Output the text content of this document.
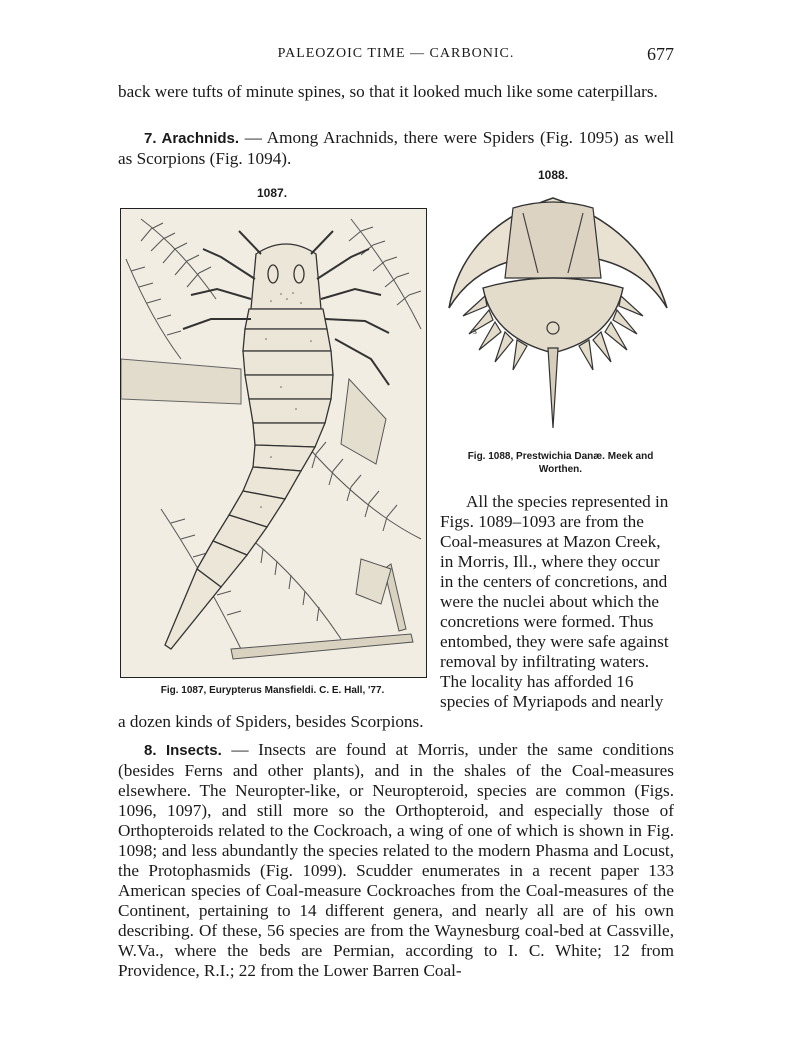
PALEOZOIC TIME — CARBONIC.	677

back were tufts of minute spines, so that it looked much like some caterpillars.

7. Arachnids. — Among Arachnids, there were Spiders (Fig. 1095) as well as Scorpions (Fig. 1094).

1087.
Fig. 1087, Eurypterus Mansfieldi. C. E. Hall, '77.
1088.
s
Fig. 1088, Prestwichia Danæ. Meek and Worthen.
All the species represented in
Figs. 1089–1093 are from the
Coal-measures at Mazon Creek,
in Morris, Ill., where they occur
in the centers of concretions, and
were the nuclei about which the
concretions were formed. Thus
entombed, they were safe against
removal by infiltrating waters.
The locality has afforded 16
species of Myriapods and nearly

a dozen kinds of Spiders, besides Scorpions.

8. Insects. — Insects are found at Morris, under the same conditions (besides Ferns and other plants), and in the shales of the Coal-measures elsewhere. The Neuropter-like, or Neuropteroid, species are common (Figs. 1096, 1097), and still more so the Orthopteroid, and especially those of Orthopteroids related to the Cockroach, a wing of one of which is shown in Fig. 1098; and less abundantly the species related to the modern Phasma and Locust, the Protophasmids (Fig. 1099). Scudder enumerates in a recent paper 133 American species of Coal-measure Cockroaches from the Coal-measures of the Continent, pertaining to 14 different genera, and nearly all are of his own describing. Of these, 56 species are from the Waynesburg coal-bed at Cassville, W.Va., where the beds are Permian, according to I. C. White; 12 from Providence, R.I.; 22 from the Lower Barren Coal-
